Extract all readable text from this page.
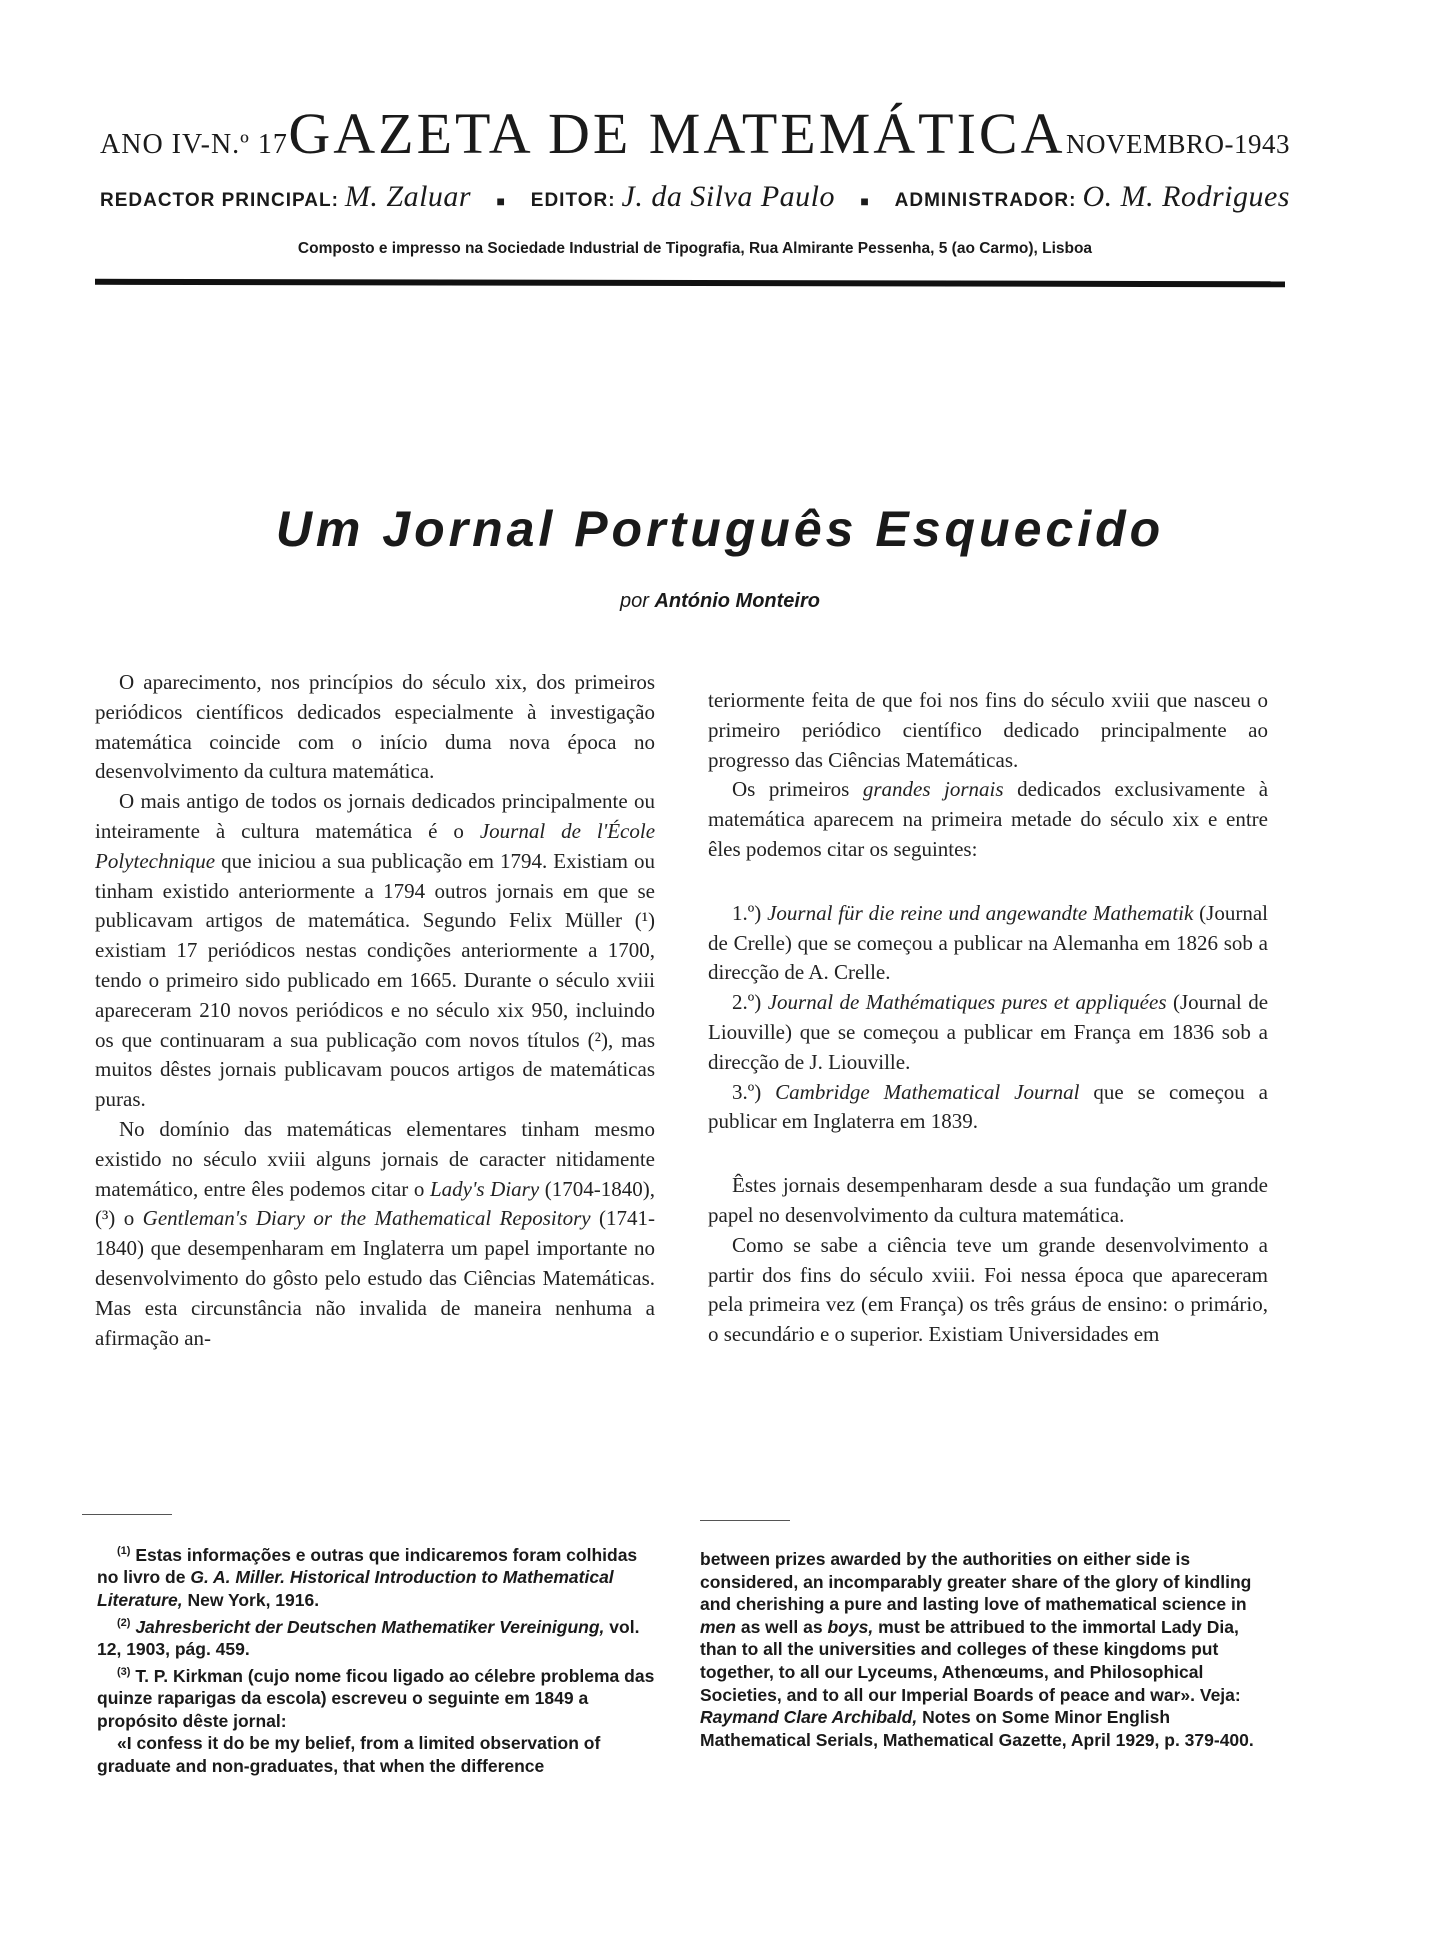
ANO IV-N.º 17 GAZETA DE MATEMÁTICA NOVEMBRO-1943
REDACTOR PRINCIPAL: M. Zaluar ■ EDITOR: J. da Silva Paulo ■ ADMINISTRADOR: O. M. Rodrigues
Composto e impresso na Sociedade Industrial de Tipografia, Rua Almirante Pessenha, 5 (ao Carmo), Lisboa
Um Jornal Português Esquecido
por António Monteiro

O aparecimento, nos princípios do século xix, dos primeiros periódicos científicos dedicados especialmente à investigação matemática coincide com o início duma nova época no desenvolvimento da cultura matemática.

O mais antigo de todos os jornais dedicados principalmente ou inteiramente à cultura matemática é o Journal de l'École Polytechnique que iniciou a sua publicação em 1794. Existiam ou tinham existido anteriormente a 1794 outros jornais em que se publicavam artigos de matemática. Segundo Felix Müller (¹) existiam 17 periódicos nestas condições anteriormente a 1700, tendo o primeiro sido publicado em 1665. Durante o século xviii apareceram 210 novos periódicos e no século xix 950, incluindo os que continuaram a sua publicação com novos títulos (²), mas muitos dêstes jornais publicavam poucos artigos de matemáticas puras.

No domínio das matemáticas elementares tinham mesmo existido no século xviii alguns jornais de caracter nitidamente matemático, entre êles podemos citar o Lady's Diary (1704-1840), (³) o Gentleman's Diary or the Mathematical Repository (1741-1840) que desempenharam em Inglaterra um papel importante no desenvolvimento do gôsto pelo estudo das Ciências Matemáticas. Mas esta circunstância não invalida de maneira nenhuma a afirmação an-

teriormente feita de que foi nos fins do século xviii que nasceu o primeiro periódico científico dedicado principalmente ao progresso das Ciências Matemáticas.

Os primeiros grandes jornais dedicados exclusivamente à matemática aparecem na primeira metade do século xix e entre êles podemos citar os seguintes:

1.º) Journal für die reine und angewandte Mathematik (Journal de Crelle) que se começou a publicar na Alemanha em 1826 sob a direcção de A. Crelle.

2.º) Journal de Mathématiques pures et appliquées (Journal de Liouville) que se começou a publicar em França em 1836 sob a direcção de J. Liouville.

3.º) Cambridge Mathematical Journal que se começou a publicar em Inglaterra em 1839.

Êstes jornais desempenharam desde a sua fundação um grande papel no desenvolvimento da cultura matemática.

Como se sabe a ciência teve um grande desenvolvimento a partir dos fins do século xviii. Foi nessa época que apareceram pela primeira vez (em França) os três gráus de ensino: o primário, o secundário e o superior. Existiam Universidades em

$^{(1)}$ Estas informações e outras que indicaremos foram colhidas no livro de G. A. Miller. Historical Introduction to Mathematical Literature, New York, 1916.

$^{(2)}$ Jahresbericht der Deutschen Mathematiker Vereinigung, vol. 12, 1903, pág. 459.

$^{(3)}$ T. P. Kirkman (cujo nome ficou ligado ao célebre problema das quinze raparigas da escola) escreveu o seguinte em 1849 a propósito dêste jornal:

«I confess it do be my belief, from a limited observation of graduate and non-graduates, that when the difference

between prizes awarded by the authorities on either side is considered, an incomparably greater share of the glory of kindling and cherishing a pure and lasting love of mathematical science in men as well as boys, must be attribued to the immortal Lady Dia, than to all the universities and colleges of these kingdoms put together, to all our Lyceums, Athenœums, and Philosophical Societies, and to all our Imperial Boards of peace and war». Veja: Raymand Clare Archibald, Notes on Some Minor English Mathematical Serials, Mathematical Gazette, April 1929, p. 379-400.
